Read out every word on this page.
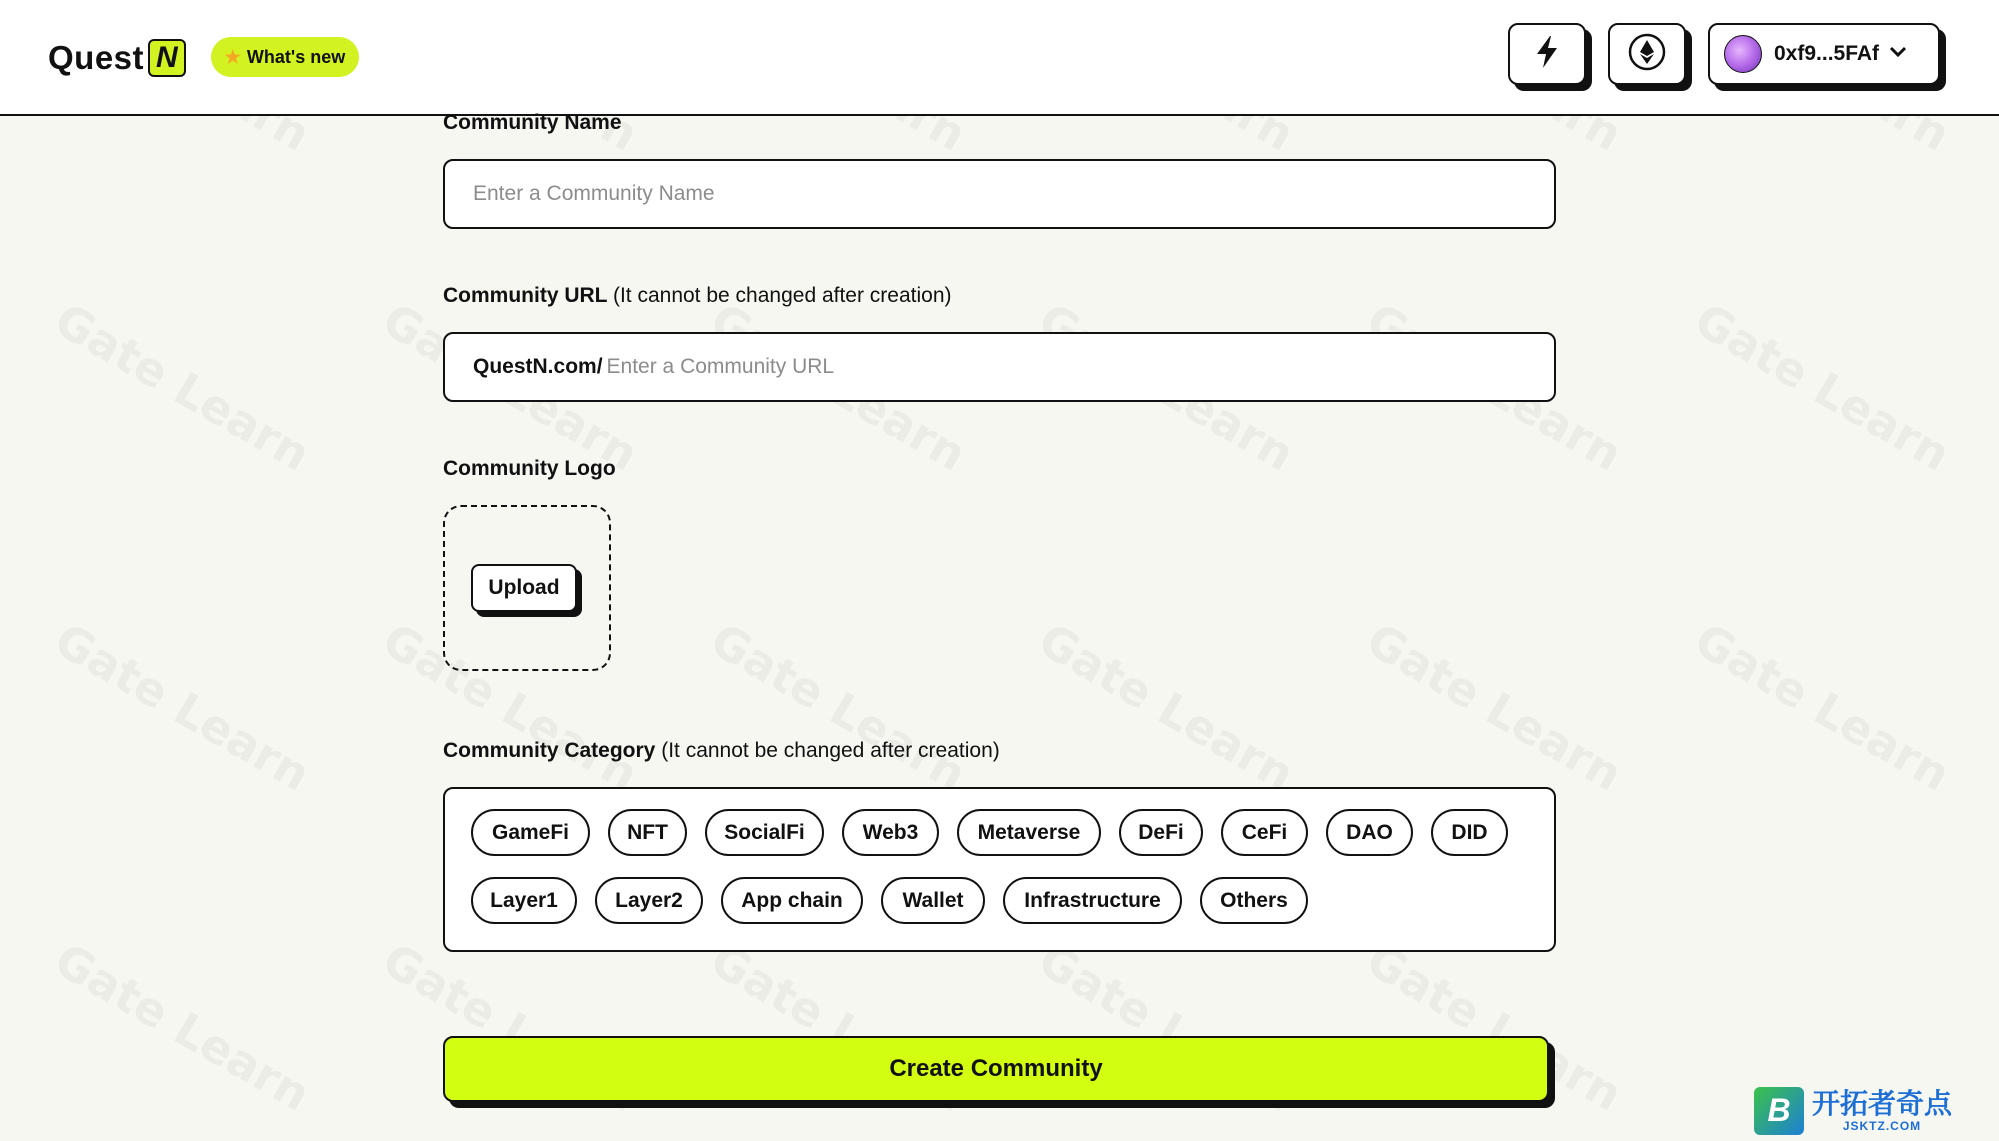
Quest N	★ What's new	0xf9...5FAf
Community Name
Enter a Community Name
Community URL (It cannot be changed after creation)
QuestN.com/ Enter a Community URL
Community Logo
Upload
Community Category (It cannot be changed after creation)
GameFi	NFT	SocialFi	Web3	Metaverse	DeFi	CeFi	DAO	DID
Layer1	Layer2	App chain	Wallet	Infrastructure	Others
Create Community
B 开拓者奇点
JSKTZ.COM
